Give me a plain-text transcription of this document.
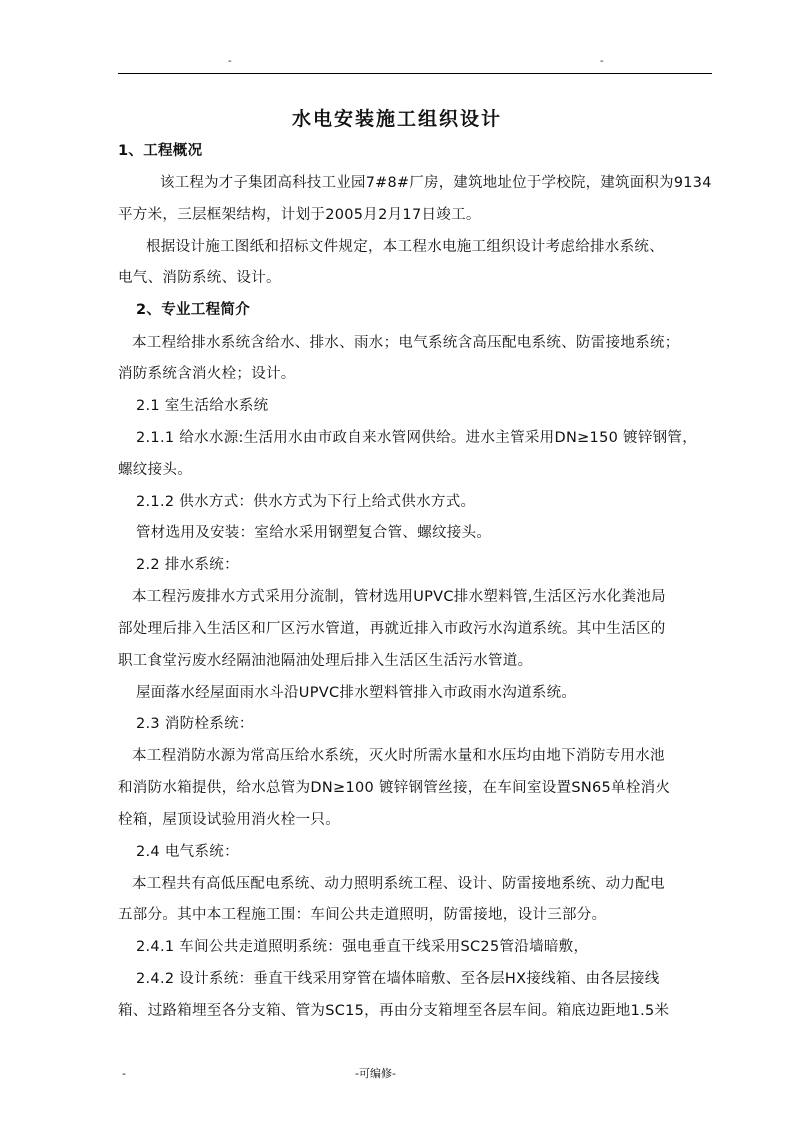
-	-
水电安装施工组织设计
1、工程概况
该工程为才子集团高科技工业园7#8#厂房，建筑地址位于学校院，建筑面积为9134
平方米，三层框架结构，计划于2005月2月17日竣工。
根据设计施工图纸和招标文件规定，本工程水电施工组织设计考虑给排水系统、
电气、消防系统、设计。
2、专业工程简介
本工程给排水系统含给水、排水、雨水；电气系统含高压配电系统、防雷接地系统；
消防系统含消火栓；设计。
2.1 室生活给水系统
2.1.1 给水水源:生活用水由市政自来水管网供给。进水主管采用DN≥150 镀锌钢管，
螺纹接头。
2.1.2 供水方式：供水方式为下行上给式供水方式。
管材选用及安装：室给水采用钢塑复合管、螺纹接头。
2.2 排水系统：
本工程污废排水方式采用分流制，管材选用UPVC排水塑料管,生活区污水化粪池局
部处理后排入生活区和厂区污水管道，再就近排入市政污水沟道系统。其中生活区的
职工食堂污废水经隔油池隔油处理后排入生活区生活污水管道。
屋面落水经屋面雨水斗沿UPVC排水塑料管排入市政雨水沟道系统。
2.3 消防栓系统：
本工程消防水源为常高压给水系统，灭火时所需水量和水压均由地下消防专用水池
和消防水箱提供，给水总管为DN≥100 镀锌钢管丝接，在车间室设置SN65单栓消火
栓箱，屋顶设试验用消火栓一只。
2.4 电气系统：
本工程共有高低压配电系统、动力照明系统工程、设计、防雷接地系统、动力配电
五部分。其中本工程施工围：车间公共走道照明，防雷接地，设计三部分。
2.4.1 车间公共走道照明系统：强电垂直干线采用SC25管沿墙暗敷，
2.4.2 设计系统：垂直干线采用穿管在墙体暗敷、至各层HX接线箱、由各层接线
箱、过路箱埋至各分支箱、管为SC15，再由分支箱埋至各层车间。箱底边距地1.5米
-	-可编修-
